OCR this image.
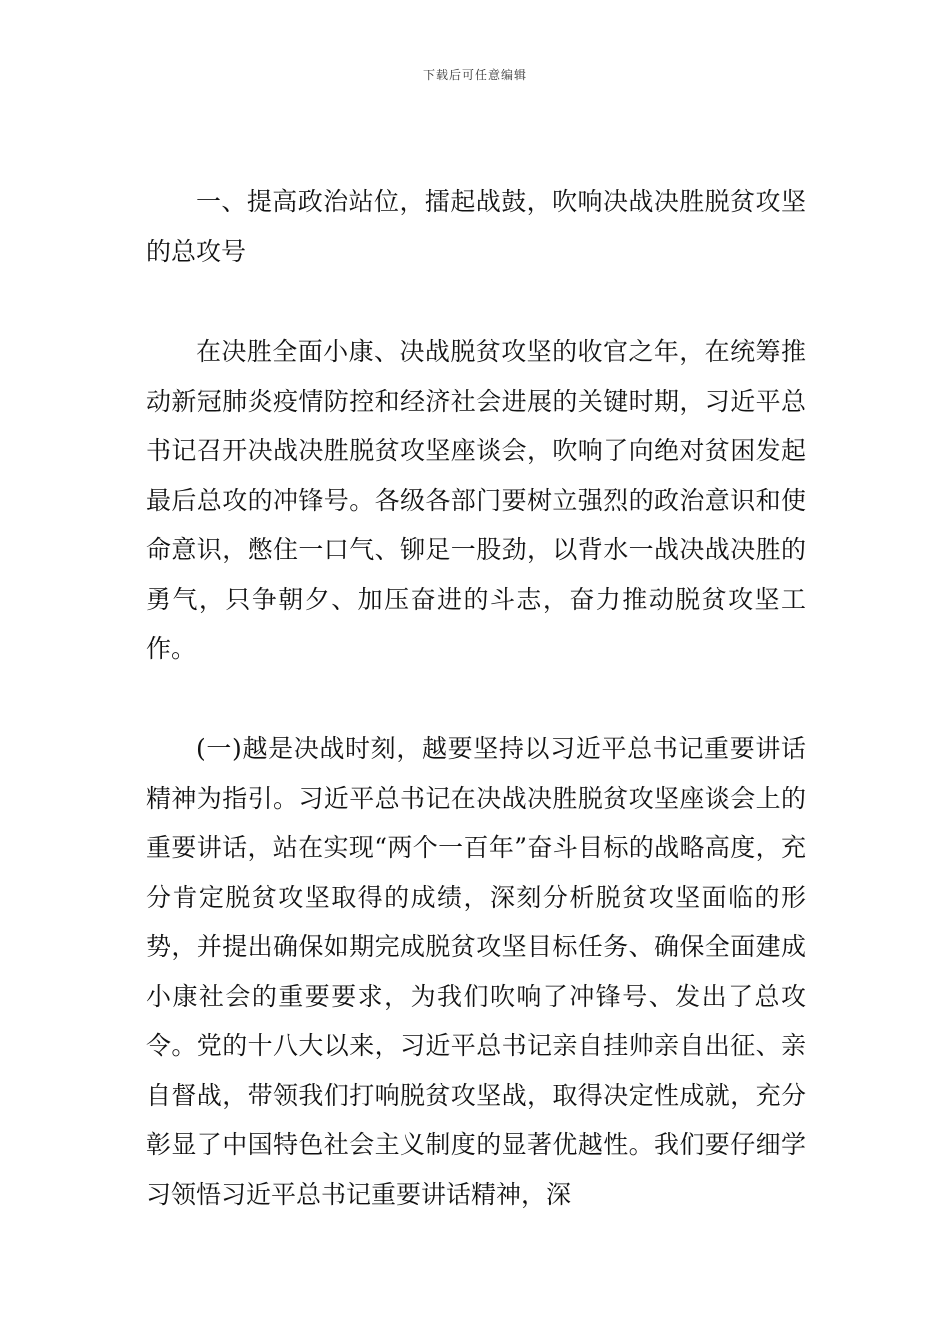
下载后可任意编辑

一、提高政治站位，擂起战鼓，吹响决战决胜脱贫攻坚的总攻号

在决胜全面小康、决战脱贫攻坚的收官之年，在统筹推动新冠肺炎疫情防控和经济社会进展的关键时期，习近平总书记召开决战决胜脱贫攻坚座谈会，吹响了向绝对贫困发起最后总攻的冲锋号。各级各部门要树立强烈的政治意识和使命意识，憋住一口气、铆足一股劲，以背水一战决战决胜的勇气，只争朝夕、加压奋进的斗志，奋力推动脱贫攻坚工作。

(一)越是决战时刻，越要坚持以习近平总书记重要讲话精神为指引。习近平总书记在决战决胜脱贫攻坚座谈会上的重要讲话，站在实现“两个一百年”奋斗目标的战略高度，充分肯定脱贫攻坚取得的成绩，深刻分析脱贫攻坚面临的形势，并提出确保如期完成脱贫攻坚目标任务、确保全面建成小康社会的重要要求，为我们吹响了冲锋号、发出了总攻令。党的十八大以来，习近平总书记亲自挂帅亲自出征、亲自督战，带领我们打响脱贫攻坚战，取得决定性成就，充分彰显了中国特色社会主义制度的显著优越性。我们要仔细学习领悟习近平总书记重要讲话精神，深
